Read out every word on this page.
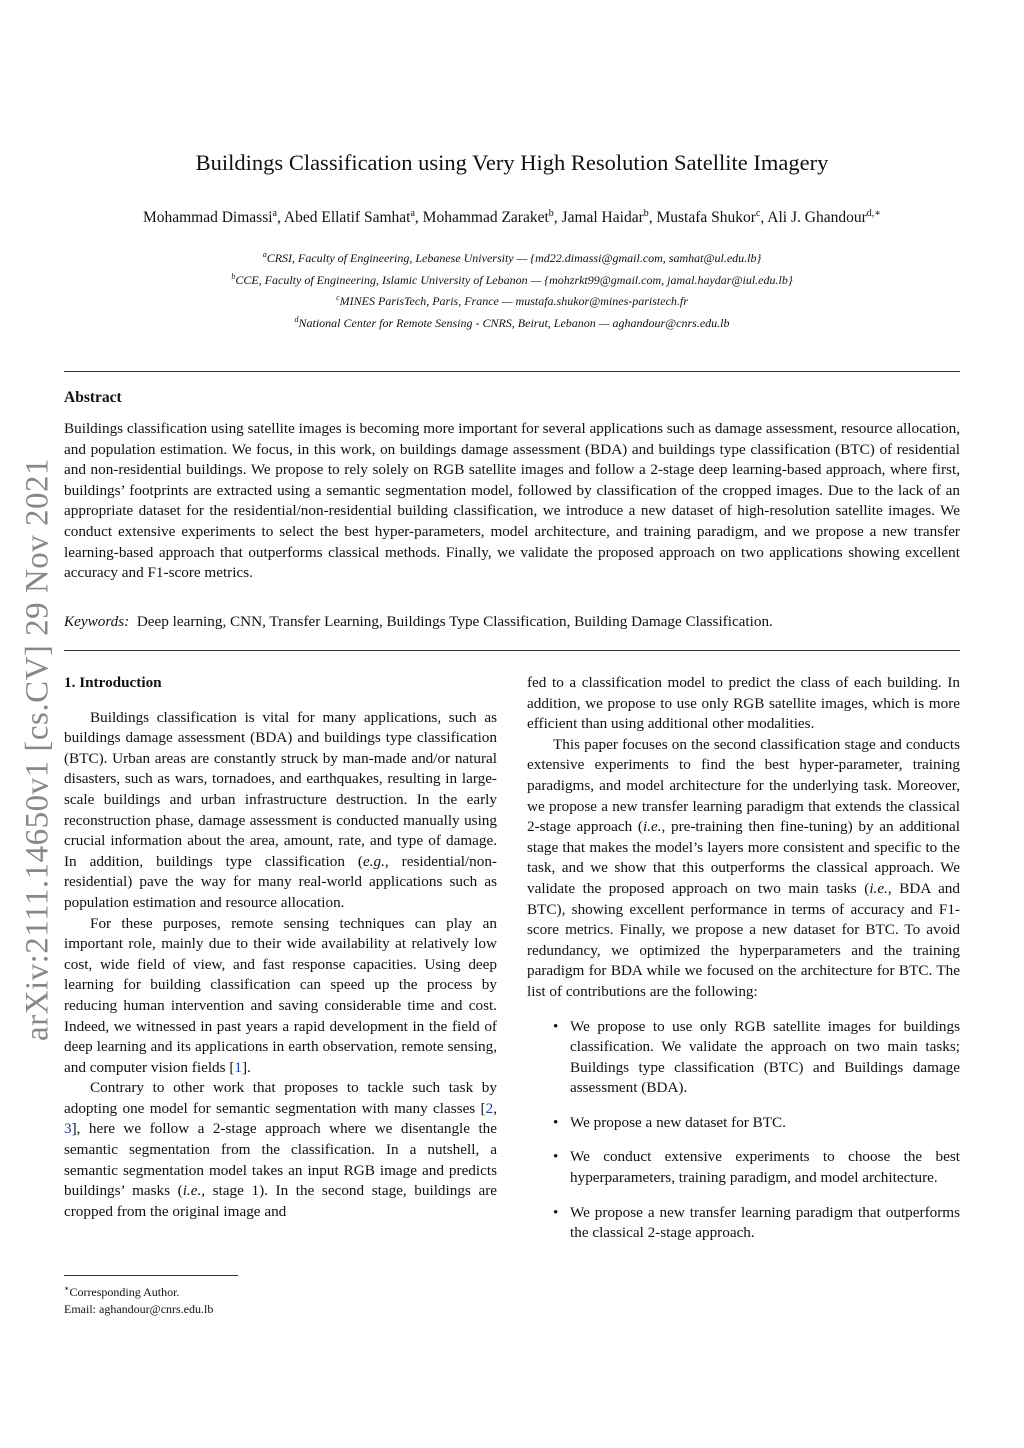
arXiv:2111.14650v1 [cs.CV] 29 Nov 2021
Buildings Classification using Very High Resolution Satellite Imagery
Mohammad Dimassi$^a$, Abed Ellatif Samhat$^a$, Mohammad Zaraket$^b$, Jamal Haidar$^b$, Mustafa Shukor$^c$, Ali J. Ghandour$^{d,∗}$
$^a$CRSI, Faculty of Engineering, Lebanese University — {md22.dimassi@gmail.com, samhat@ul.edu.lb}
$^b$CCE, Faculty of Engineering, Islamic University of Lebanon — {mohzrkt99@gmail.com, jamal.haydar@iul.edu.lb}
$^c$MINES ParisTech, Paris, France — mustafa.shukor@mines-paristech.fr
$^d$National Center for Remote Sensing - CNRS, Beirut, Lebanon — aghandour@cnrs.edu.lb
Abstract
Buildings classification using satellite images is becoming more important for several applications such as damage assessment, resource allocation, and population estimation. We focus, in this work, on buildings damage assessment (BDA) and buildings type classification (BTC) of residential and non-residential buildings. We propose to rely solely on RGB satellite images and follow a 2-stage deep learning-based approach, where first, buildings’ footprints are extracted using a semantic segmentation model, followed by classification of the cropped images. Due to the lack of an appropriate dataset for the residential/non-residential building classification, we introduce a new dataset of high-resolution satellite images. We conduct extensive experiments to select the best hyper-parameters, model architecture, and training paradigm, and we propose a new transfer learning-based approach that outperforms classical methods. Finally, we validate the proposed approach on two applications showing excellent accuracy and F1-score metrics.
Keywords: Deep learning, CNN, Transfer Learning, Buildings Type Classification, Building Damage Classification.
1. Introduction

Buildings classification is vital for many applications, such as buildings damage assessment (BDA) and buildings type classification (BTC). Urban areas are constantly struck by man-made and/or natural disasters, such as wars, tornadoes, and earthquakes, resulting in large-scale buildings and urban infrastructure destruction. In the early reconstruction phase, damage assessment is conducted manually using crucial information about the area, amount, rate, and type of damage. In addition, buildings type classification (e.g., residential/non-residential) pave the way for many real-world applications such as population estimation and resource allocation.

For these purposes, remote sensing techniques can play an important role, mainly due to their wide availability at relatively low cost, wide field of view, and fast response capacities. Using deep learning for building classification can speed up the process by reducing human intervention and saving considerable time and cost. Indeed, we witnessed in past years a rapid development in the field of deep learning and its applications in earth observation, remote sensing, and computer vision fields [1].

Contrary to other work that proposes to tackle such task by adopting one model for semantic segmentation with many classes [2, 3], here we follow a 2-stage approach where we disentangle the semantic segmentation from the classification. In a nutshell, a semantic segmentation model takes an input RGB image and predicts buildings’ masks (i.e., stage 1). In the second stage, buildings are cropped from the original image and

fed to a classification model to predict the class of each building. In addition, we propose to use only RGB satellite images, which is more efficient than using additional other modalities.

This paper focuses on the second classification stage and conducts extensive experiments to find the best hyper-parameter, training paradigms, and model architecture for the underlying task. Moreover, we propose a new transfer learning paradigm that extends the classical 2-stage approach (i.e., pre-training then fine-tuning) by an additional stage that makes the model’s layers more consistent and specific to the task, and we show that this outperforms the classical approach. We validate the proposed approach on two main tasks (i.e., BDA and BTC), showing excellent performance in terms of accuracy and F1-score metrics. Finally, we propose a new dataset for BTC. To avoid redundancy, we optimized the hyperparameters and the training paradigm for BDA while we focused on the architecture for BTC. The list of contributions are the following:

• We propose to use only RGB satellite images for buildings classification. We validate the approach on two main tasks; Buildings type classification (BTC) and Buildings damage assessment (BDA).
• We propose a new dataset for BTC.
• We conduct extensive experiments to choose the best hyperparameters, training paradigm, and model architecture.
• We propose a new transfer learning paradigm that outperforms the classical 2-stage approach.
∗Corresponding Author.
Email: aghandour@cnrs.edu.lb
